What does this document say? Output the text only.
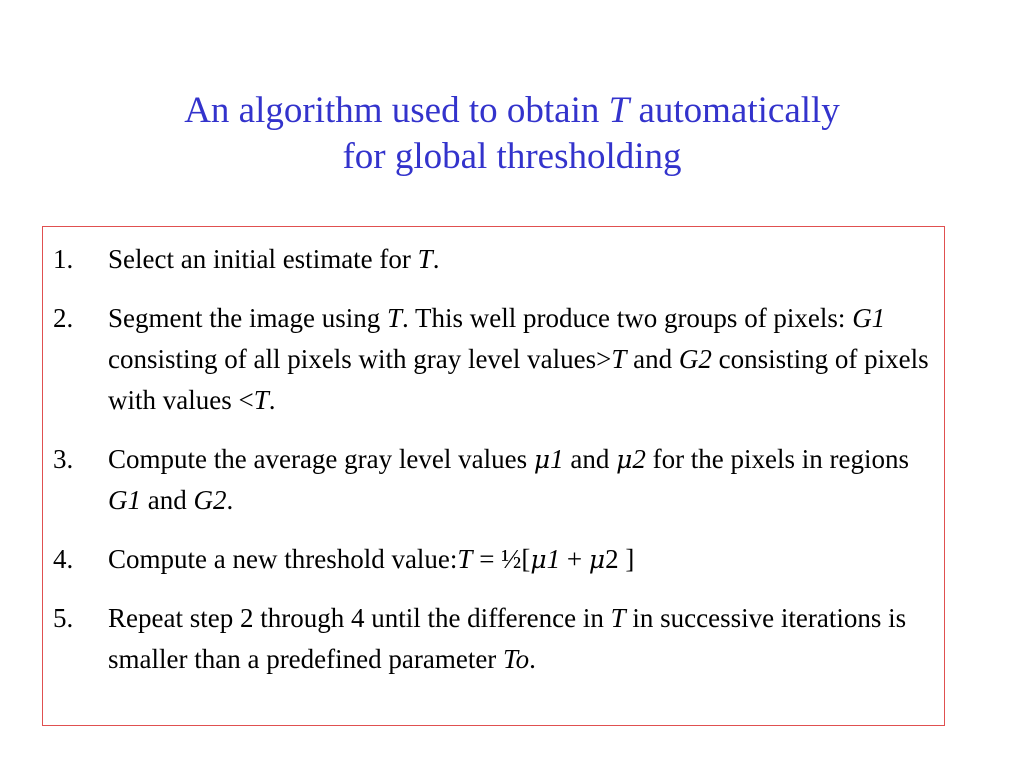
An algorithm used to obtain T automatically
for global thresholding
1. Select an initial estimate for T.
2. Segment the image using T. This well produce two groups of pixels: G1 consisting of all pixels with gray level values>T and G2 consisting of pixels with values <T.
3. Compute the average gray level values μ1 and μ2 for the pixels in regions G1 and G2.
4. Compute a new threshold value:T = ½[μ1 + μ2 ]
5. Repeat step 2 through 4 until the difference in T in successive iterations is smaller than a predefined parameter To.
